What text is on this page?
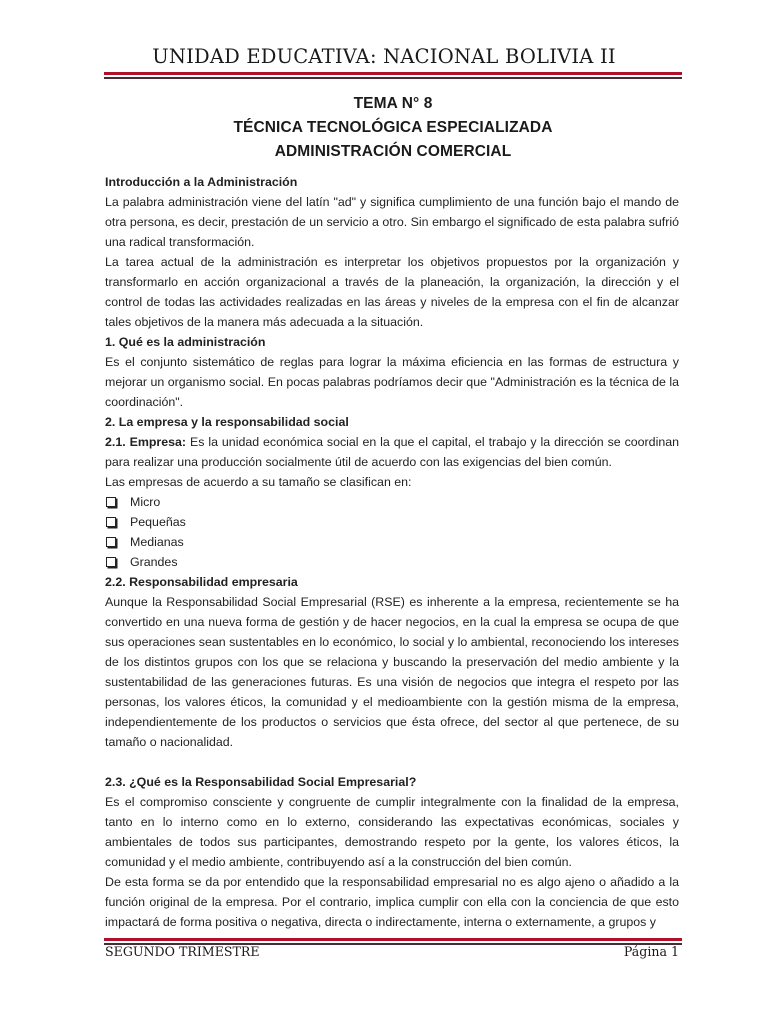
UNIDAD EDUCATIVA: NACIONAL BOLIVIA II
TEMA N° 8
TÉCNICA TECNOLÓGICA ESPECIALIZADA
ADMINISTRACIÓN COMERCIAL

Introducción a la Administración

La palabra administración viene del latín "ad" y significa cumplimiento de una función bajo el mando de otra persona, es decir, prestación de un servicio a otro. Sin embargo el significado de esta palabra sufrió una radical transformación.

La tarea actual de la administración es interpretar los objetivos propuestos por la organización y transformarlo en acción organizacional a través de la planeación, la organización, la dirección y el control de todas las actividades realizadas en las áreas y niveles de la empresa con el fin de alcanzar tales objetivos de la manera más adecuada a la situación.

1. Qué es la administración

Es el conjunto sistemático de reglas para lograr la máxima eficiencia en las formas de estructura y mejorar un organismo social. En pocas palabras podríamos decir que "Administración es la técnica de la coordinación".

2. La empresa y la responsabilidad social

2.1. Empresa: Es la unidad económica social en la que el capital, el trabajo y la dirección se coordinan para realizar una producción socialmente útil de acuerdo con las exigencias del bien común.

Las empresas de acuerdo a su tamaño se clasifican en:

Micro
Pequeñas
Medianas
Grandes

2.2. Responsabilidad empresaria

Aunque la Responsabilidad Social Empresarial (RSE) es inherente a la empresa, recientemente se ha convertido en una nueva forma de gestión y de hacer negocios, en la cual la empresa se ocupa de que sus operaciones sean sustentables en lo económico, lo social y lo ambiental, reconociendo los intereses de los distintos grupos con los que se relaciona y buscando la preservación del medio ambiente y la sustentabilidad de las generaciones futuras. Es una visión de negocios que integra el respeto por las personas, los valores éticos, la comunidad y el medioambiente con la gestión misma de la empresa, independientemente de los productos o servicios que ésta ofrece, del sector al que pertenece, de su tamaño o nacionalidad.

2.3. ¿Qué es la Responsabilidad Social Empresarial?

Es el compromiso consciente y congruente de cumplir integralmente con la finalidad de la empresa, tanto en lo interno como en lo externo, considerando las expectativas económicas, sociales y ambientales de todos sus participantes, demostrando respeto por la gente, los valores éticos, la comunidad y el medio ambiente, contribuyendo así a la construcción del bien común.

De esta forma se da por entendido que la responsabilidad empresarial no es algo ajeno o añadido a la función original de la empresa. Por el contrario, implica cumplir con ella con la conciencia de que esto impactará de forma positiva o negativa, directa o indirectamente, interna o externamente, a grupos y

SEGUNDO TRIMESTRE	Página 1
